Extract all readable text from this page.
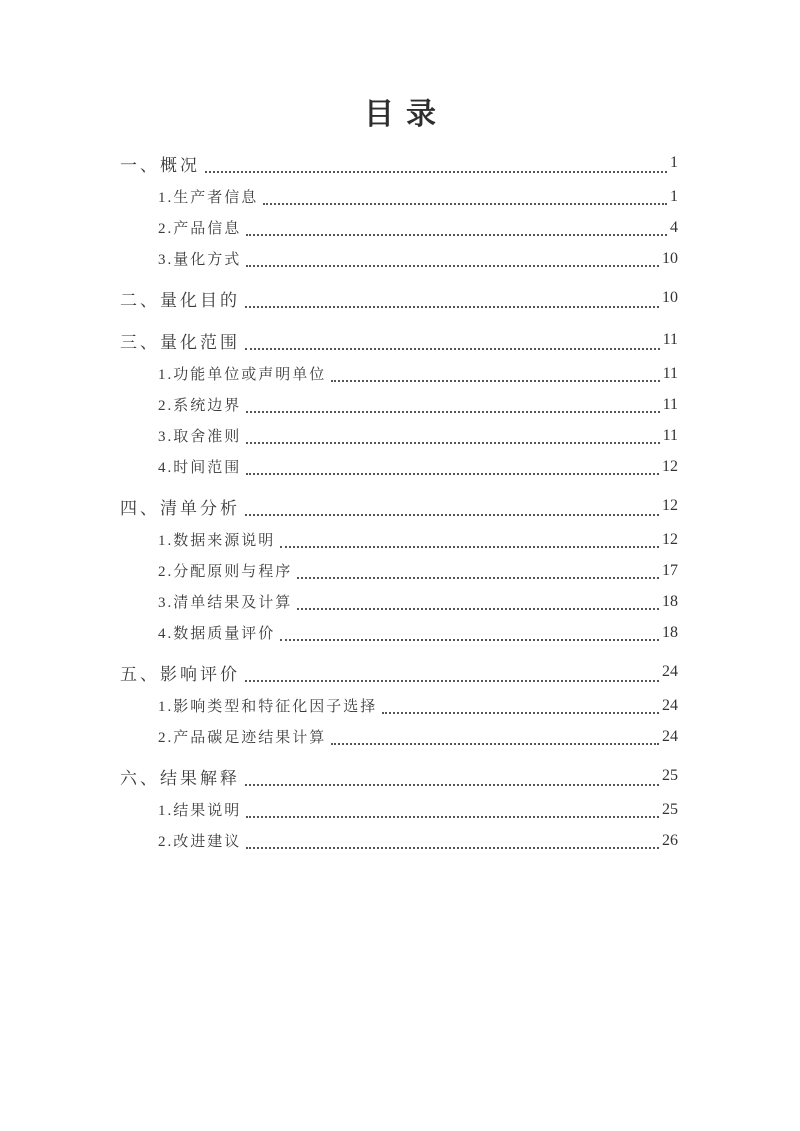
目录
一、概况	1
1.生产者信息	1
2.产品信息	4
3.量化方式	10
二、量化目的	10
三、量化范围	11
1.功能单位或声明单位	11
2.系统边界	11
3.取舍准则	11
4.时间范围	12
四、清单分析	12
1.数据来源说明	12
2.分配原则与程序	17
3.清单结果及计算	18
4.数据质量评价	18
五、影响评价	24
1.影响类型和特征化因子选择	24
2.产品碳足迹结果计算	24
六、结果解释	25
1.结果说明	25
2.改进建议	26
